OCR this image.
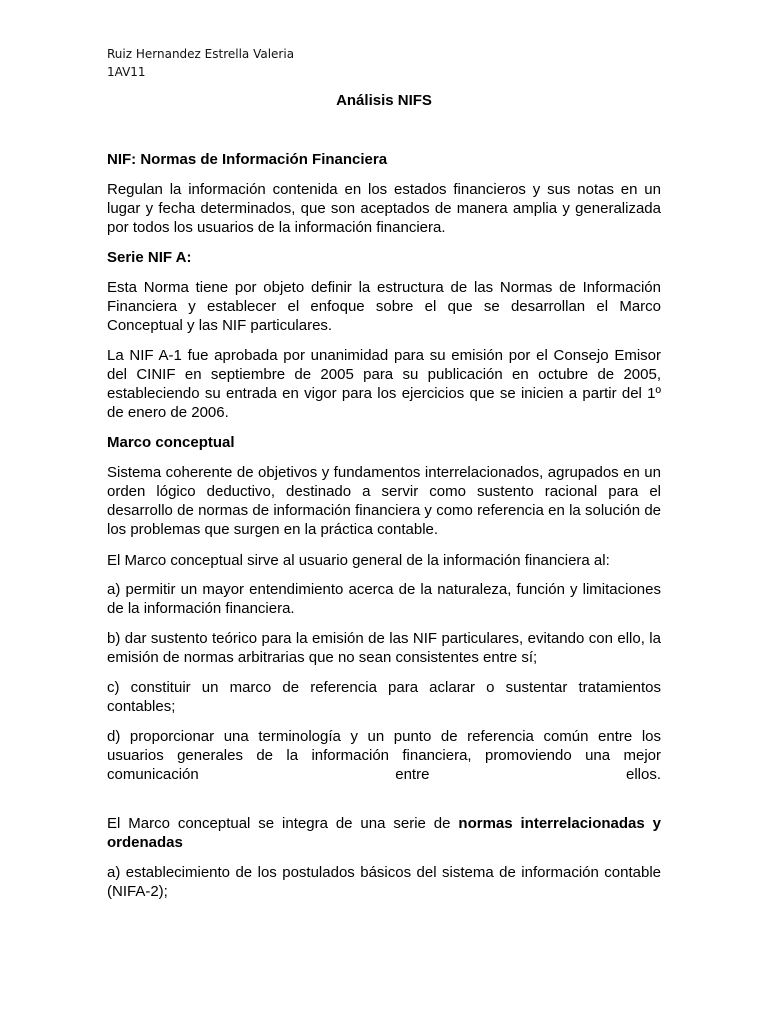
Ruiz Hernandez Estrella Valeria
1AV11
Análisis NIFS

NIF: Normas de Información Financiera

Regulan la información contenida en los estados financieros y sus notas en un lugar y fecha determinados, que son aceptados de manera amplia y generalizada por todos los usuarios de la información financiera.

Serie NIF A:

Esta Norma tiene por objeto definir la estructura de las Normas de Información Financiera y establecer el enfoque sobre el que se desarrollan el Marco Conceptual y las NIF particulares.

La NIF A-1 fue aprobada por unanimidad para su emisión por el Consejo Emisor del CINIF en septiembre de 2005 para su publicación en octubre de 2005, estableciendo su entrada en vigor para los ejercicios que se inicien a partir del 1º de enero de 2006.

Marco conceptual

Sistema coherente de objetivos y fundamentos interrelacionados, agrupados en un orden lógico deductivo, destinado a servir como sustento racional para el desarrollo de normas de información financiera y como referencia en la solución de los problemas que surgen en la práctica contable.

El Marco conceptual sirve al usuario general de la información financiera al:

a) permitir un mayor entendimiento acerca de la naturaleza, función y limitaciones de la información financiera.

b) dar sustento teórico para la emisión de las NIF particulares, evitando con ello, la emisión de normas arbitrarias que no sean consistentes entre sí;

c) constituir un marco de referencia para aclarar o sustentar tratamientos contables;

d) proporcionar una terminología y un punto de referencia común entre los usuarios generales de la información financiera, promoviendo una mejor comunicación entre ellos.

El Marco conceptual se integra de una serie de normas interrelacionadas y ordenadas

a) establecimiento de los postulados básicos del sistema de información contable (NIFA-2);
